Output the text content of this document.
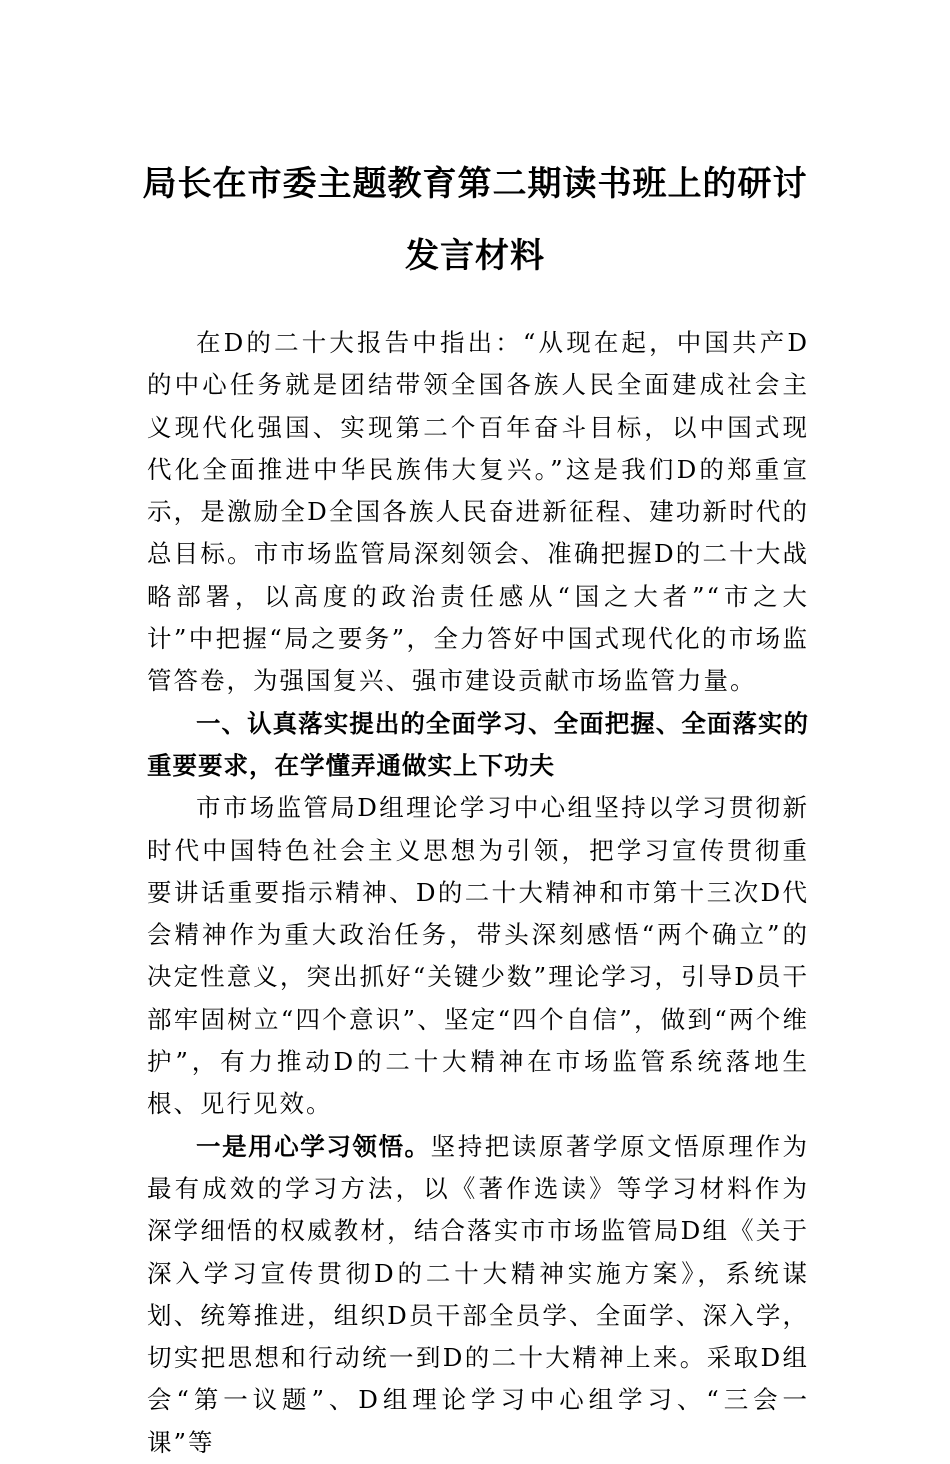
局长在市委主题教育第二期读书班上的研讨发言材料

在D的二十大报告中指出：“从现在起，中国共产D的中心任务就是团结带领全国各族人民全面建成社会主义现代化强国、实现第二个百年奋斗目标，以中国式现代化全面推进中华民族伟大复兴。”这是我们D的郑重宣示，是激励全D全国各族人民奋进新征程、建功新时代的总目标。市市场监管局深刻领会、准确把握D的二十大战略部署，以高度的政治责任感从“国之大者”“市之大计”中把握“局之要务”，全力答好中国式现代化的市场监管答卷，为强国复兴、强市建设贡献市场监管力量。

一、认真落实提出的全面学习、全面把握、全面落实的重要要求，在学懂弄通做实上下功夫

市市场监管局D组理论学习中心组坚持以学习贯彻新时代中国特色社会主义思想为引领，把学习宣传贯彻重要讲话重要指示精神、D的二十大精神和市第十三次D代会精神作为重大政治任务，带头深刻感悟“两个确立”的决定性意义，突出抓好“关键少数”理论学习，引导D员干部牢固树立“四个意识”、坚定“四个自信”，做到“两个维护”，有力推动D的二十大精神在市场监管系统落地生根、见行见效。

一是用心学习领悟。坚持把读原著学原文悟原理作为最有成效的学习方法，以《著作选读》等学习材料作为深学细悟的权威教材，结合落实市市场监管局D组《关于深入学习宣传贯彻D的二十大精神实施方案》，系统谋划、统筹推进，组织D员干部全员学、全面学、深入学，切实把思想和行动统一到D的二十大精神上来。采取D组会“第一议题”、D组理论学习中心组学习、“三会一课”等
